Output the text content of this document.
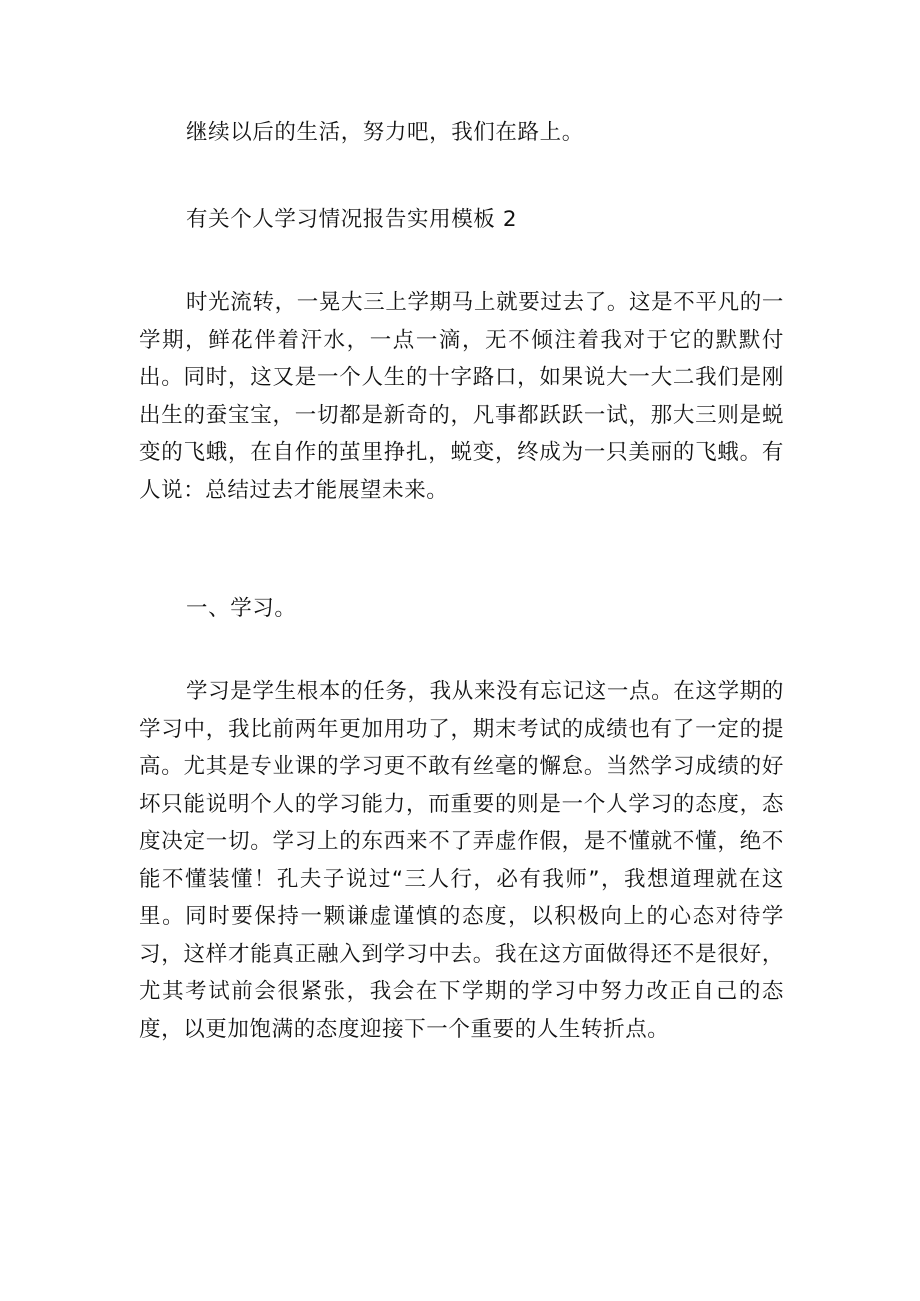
继续以后的生活，努力吧，我们在路上。

有关个人学习情况报告实用模板 2

时光流转，一晃大三上学期马上就要过去了。这是不平凡的一学期，鲜花伴着汗水，一点一滴，无不倾注着我对于它的默默付出。同时，这又是一个人生的十字路口，如果说大一大二我们是刚出生的蚕宝宝，一切都是新奇的，凡事都跃跃一试，那大三则是蜕变的飞蛾，在自作的茧里挣扎，蜕变，终成为一只美丽的飞蛾。有人说：总结过去才能展望未来。

一、学习。

学习是学生根本的任务，我从来没有忘记这一点。在这学期的学习中，我比前两年更加用功了，期末考试的成绩也有了一定的提高。尤其是专业课的学习更不敢有丝毫的懈怠。当然学习成绩的好坏只能说明个人的学习能力，而重要的则是一个人学习的态度，态度决定一切。学习上的东西来不了弄虚作假，是不懂就不懂，绝不能不懂装懂！孔夫子说过“三人行，必有我师”，我想道理就在这里。同时要保持一颗谦虚谨慎的态度，以积极向上的心态对待学习，这样才能真正融入到学习中去。我在这方面做得还不是很好，尤其考试前会很紧张，我会在下学期的学习中努力改正自己的态度，以更加饱满的态度迎接下一个重要的人生转折点。
